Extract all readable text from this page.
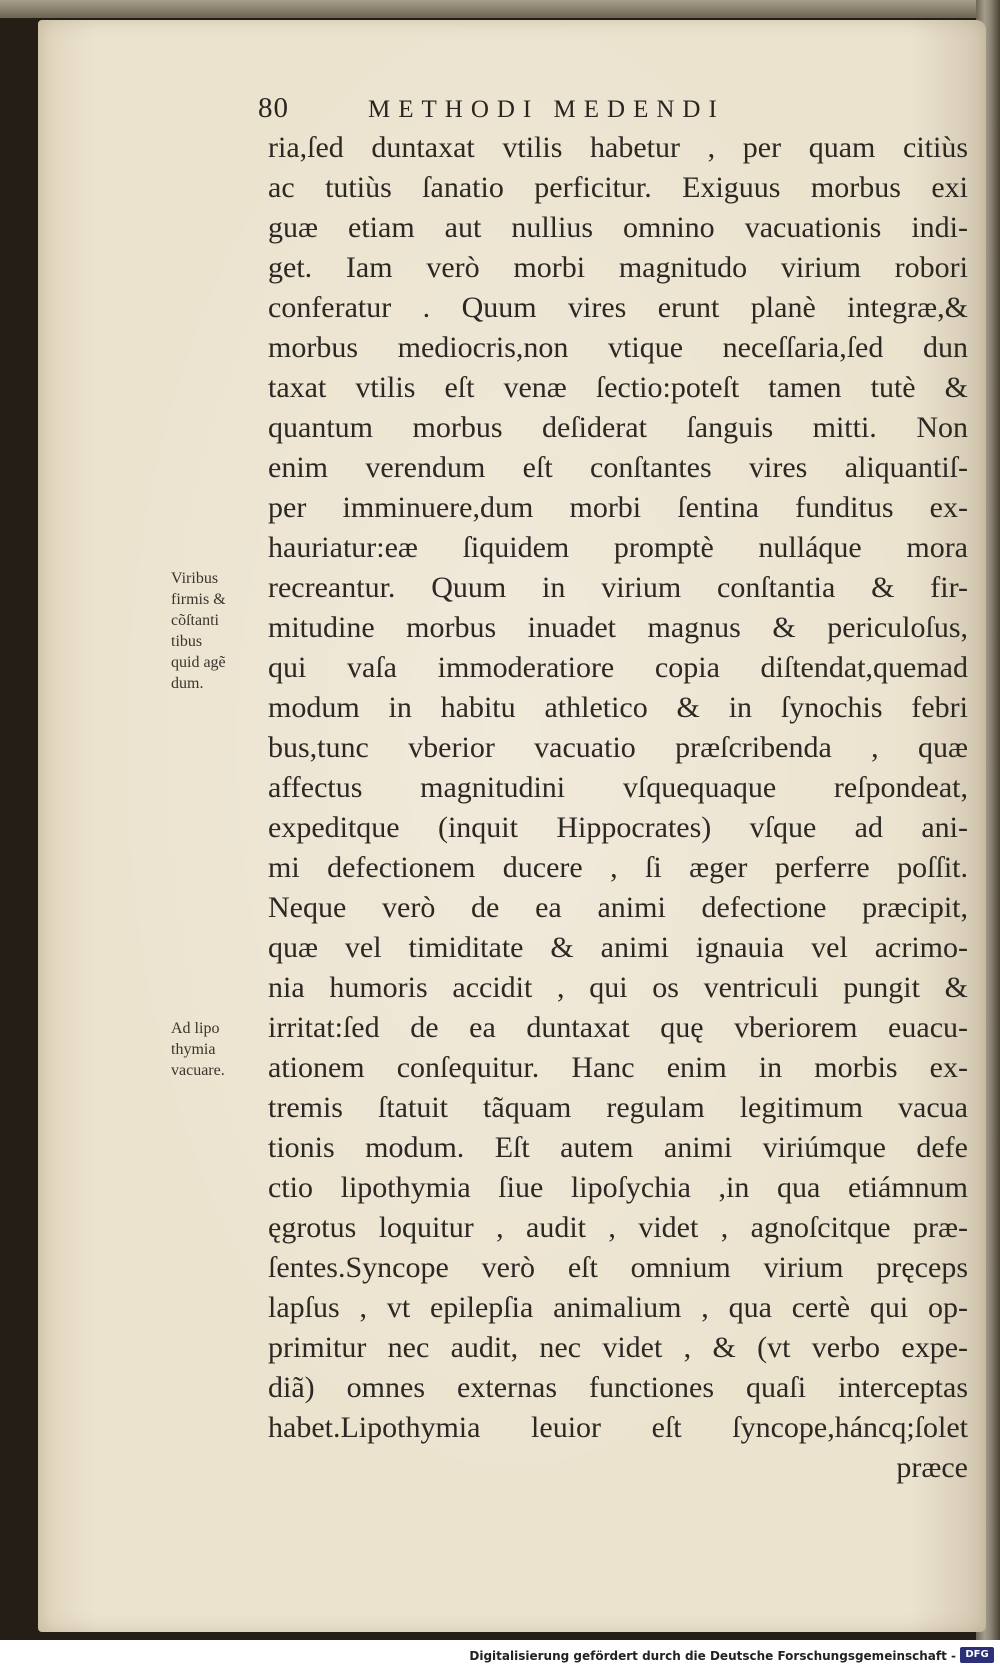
80	METHODI MEDENDI
ria,ſed duntaxat vtilis habetur , per quam citiùs
ac tutiùs ſanatio perficitur. Exiguus morbus exi
guæ etiam aut nullius omnino vacuationis indi-
get. Iam verò morbi magnitudo virium robori
conferatur . Quum vires erunt planè integræ,&
morbus mediocris,non vtique neceſſaria,ſed dun
taxat vtilis eſt venæ ſectio:poteſt tamen tutè &
quantum morbus deſiderat ſanguis mitti. Non
enim verendum eſt conſtantes vires aliquantiſ-
per imminuere,dum morbi ſentina funditus ex-
hauriatur:eæ ſiquidem promptè nulláque mora
recreantur. Quum in virium conſtantia & fir-
mitudine morbus inuadet magnus & periculoſus,
qui vaſa immoderatiore copia diſtendat,quemad
modum in habitu athletico & in ſynochis febri
bus,tunc vberior vacuatio præſcribenda , quæ
affectus magnitudini vſquequaque reſpondeat,
expeditque (inquit Hippocrates) vſque ad ani-
mi defectionem ducere , ſi æger perferre poſſit.
Neque verò de ea animi defectione præcipit,
quæ vel timiditate & animi ignauia vel acrimo-
nia humoris accidit , qui os ventriculi pungit &
irritat:ſed de ea duntaxat quę vberiorem euacu-
ationem conſequitur. Hanc enim in morbis ex-
tremis ſtatuit tãquam regulam legitimum vacua
tionis modum. Eſt autem animi viriúmque defe
ctio lipothymia ſiue lipoſychia ,in qua etiámnum
ęgrotus loquitur , audit , videt , agnoſcitque præ-
ſentes.Syncope verò eſt omnium virium pręceps
lapſus , vt epilepſia animalium , qua certè qui op-
primitur nec audit, nec videt , & (vt verbo expe-
diã) omnes externas functiones quaſi interceptas
habet.Lipothymia leuior eſt ſyncope,háncq;ſolet
præce
Viribus
firmis &
cõſtanti
tibus
quid agẽ
dum.
Ad lipo
thymia
vacuare.
Digitalisierung gefördert durch die Deutsche Forschungsgemeinschaft - DFG
